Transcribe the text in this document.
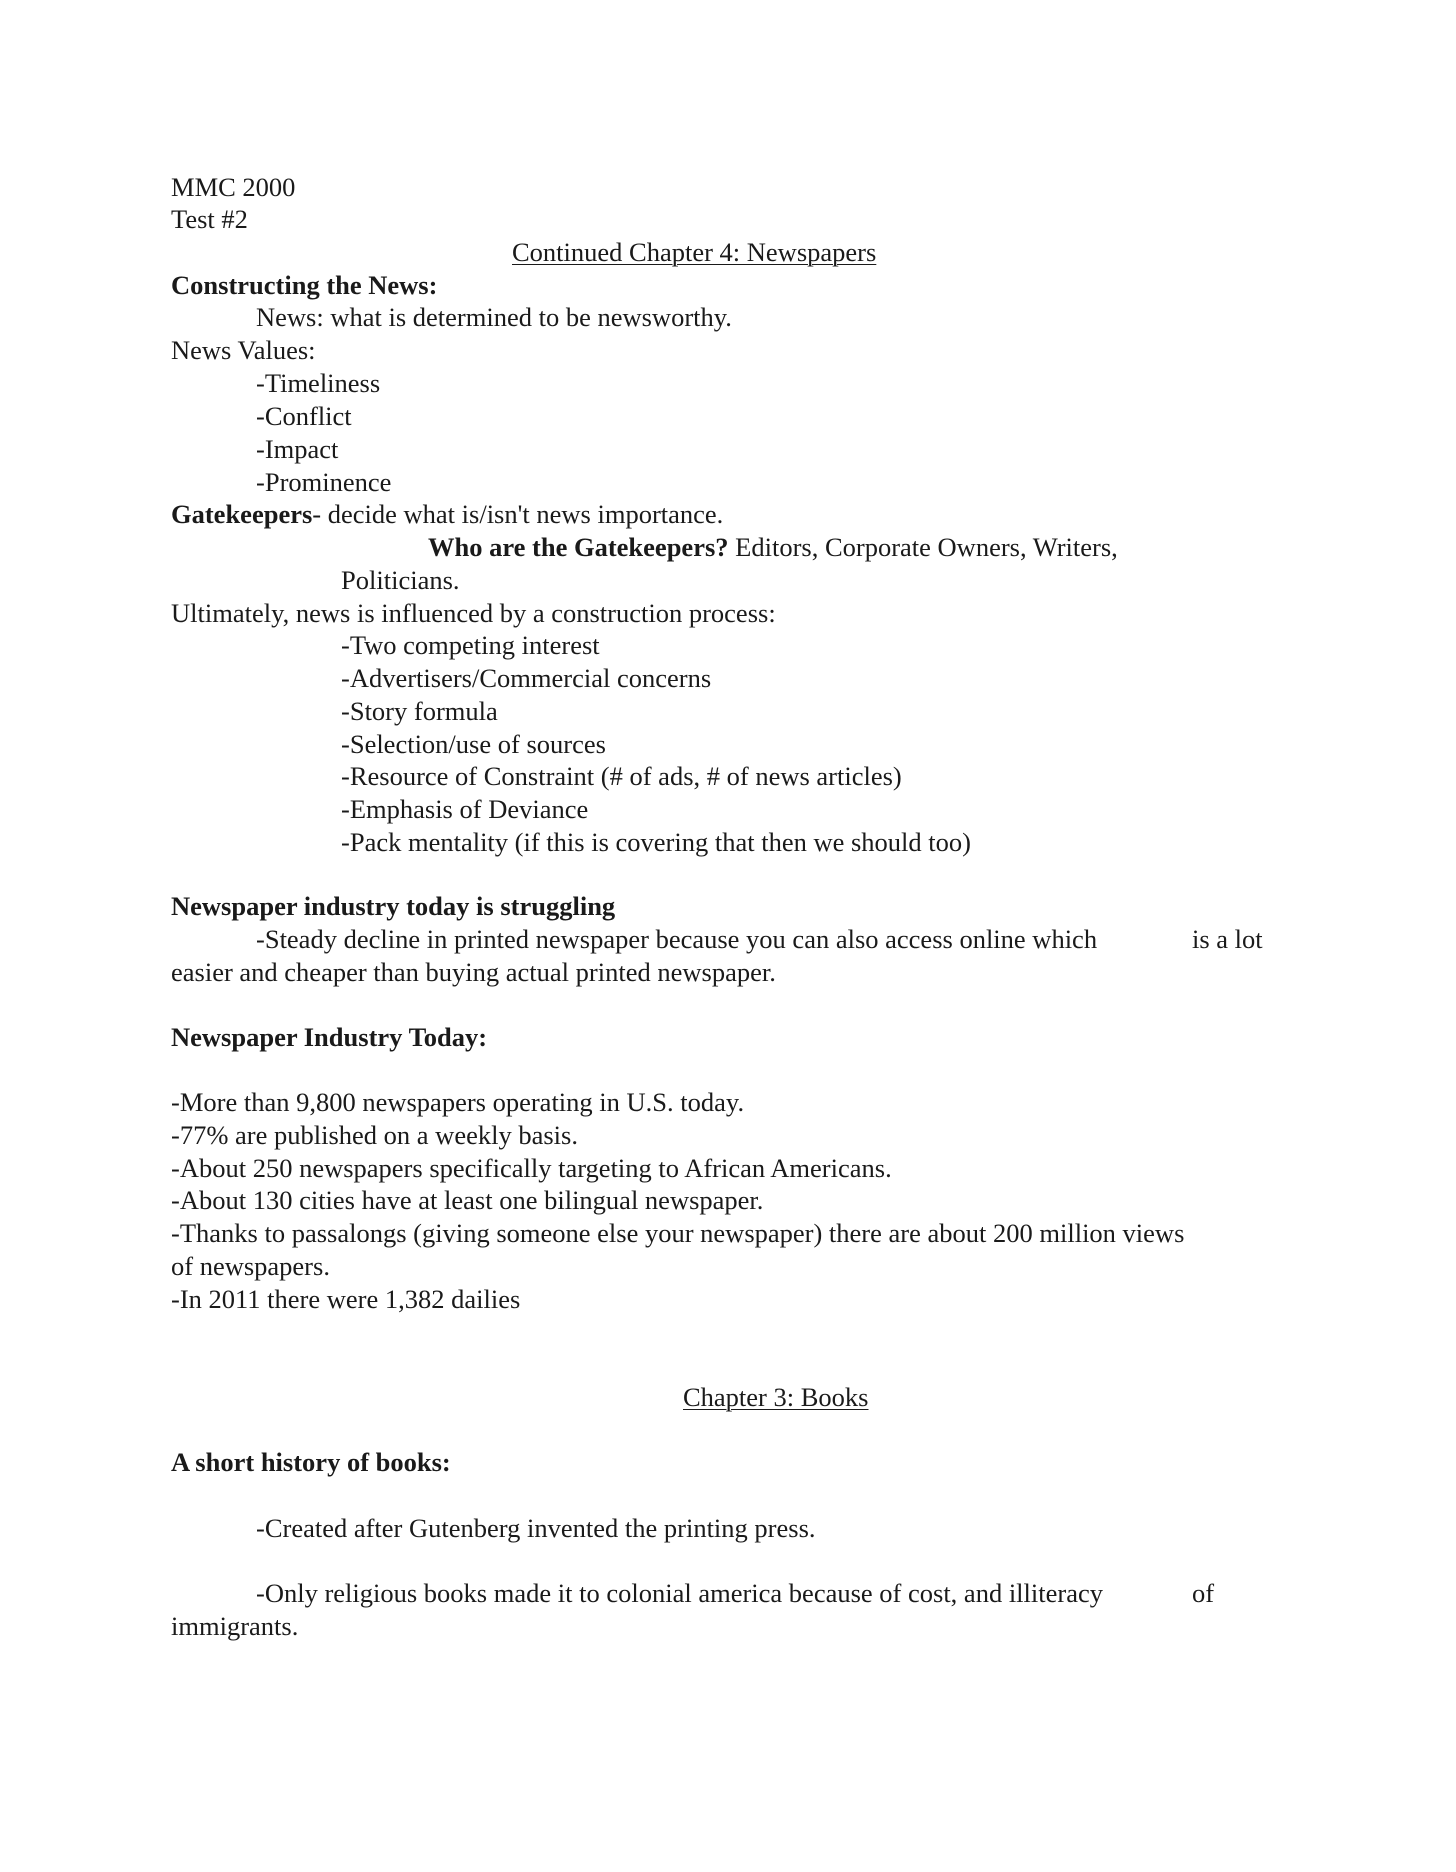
MMC 2000
Test #2
Continued Chapter 4: Newspapers
Constructing the News:
News: what is determined to be newsworthy.
News Values:
-Timeliness
-Conflict
-Impact
-Prominence
Gatekeepers- decide what is/isn't news importance.
Who are the Gatekeepers? Editors, Corporate Owners, Writers,
Politicians.
Ultimately, news is influenced by a construction process:
-Two competing interest
-Advertisers/Commercial concerns
-Story formula
-Selection/use of sources
-Resource of Constraint (# of ads, # of news articles)
-Emphasis of Deviance
-Pack mentality (if this is covering that then we should too)
Newspaper industry today is struggling
-Steady decline in printed newspaper because you can also access online which	is a lot
easier and cheaper than buying actual printed newspaper.
Newspaper Industry Today:
-More than 9,800 newspapers operating in U.S. today.
-77% are published on a weekly basis.
-About 250 newspapers specifically targeting to African Americans.
-About 130 cities have at least one bilingual newspaper.
-Thanks to passalongs (giving someone else your newspaper) there are about 200 million views
of newspapers.
-In 2011 there were 1,382 dailies
Chapter 3: Books
A short history of books:
-Created after Gutenberg invented the printing press.
-Only religious books made it to colonial america because of cost, and illiteracy	of
immigrants.
